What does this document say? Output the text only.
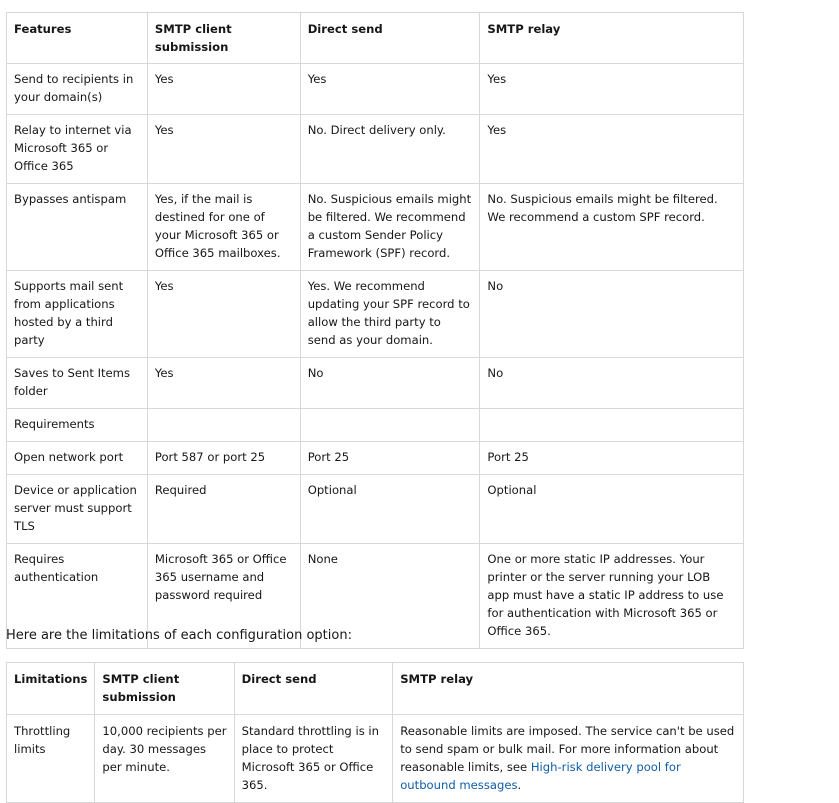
Features	SMTP client submission	Direct send	SMTP relay
Send to recipients in your domain(s)	Yes	Yes	Yes
Relay to internet via Microsoft 365 or Office 365	Yes	No. Direct delivery only.	Yes
Bypasses antispam	Yes, if the mail is destined for one of your Microsoft 365 or Office 365 mailboxes.	No. Suspicious emails might be filtered. We recommend a custom Sender Policy Framework (SPF) record.	No. Suspicious emails might be filtered. We recommend a custom SPF record.
Supports mail sent from applications hosted by a third party	Yes	Yes. We recommend updating your SPF record to allow the third party to send as your domain.	No
Saves to Sent Items folder	Yes	No	No
Requirements			
Open network port	Port 587 or port 25	Port 25	Port 25
Device or application server must support TLS	Required	Optional	Optional
Requires authentication	Microsoft 365 or Office 365 username and password required	None	One or more static IP addresses. Your printer or the server running your LOB app must have a static IP address to use for authentication with Microsoft 365 or Office 365.

Here are the limitations of each configuration option:

Limitations	SMTP client submission	Direct send	SMTP relay
Throttling limits	10,000 recipients per day. 30 messages per minute.	Standard throttling is in place to protect Microsoft 365 or Office 365.	Reasonable limits are imposed. The service can't be used to send spam or bulk mail. For more information about reasonable limits, see High-risk delivery pool for outbound messages.
